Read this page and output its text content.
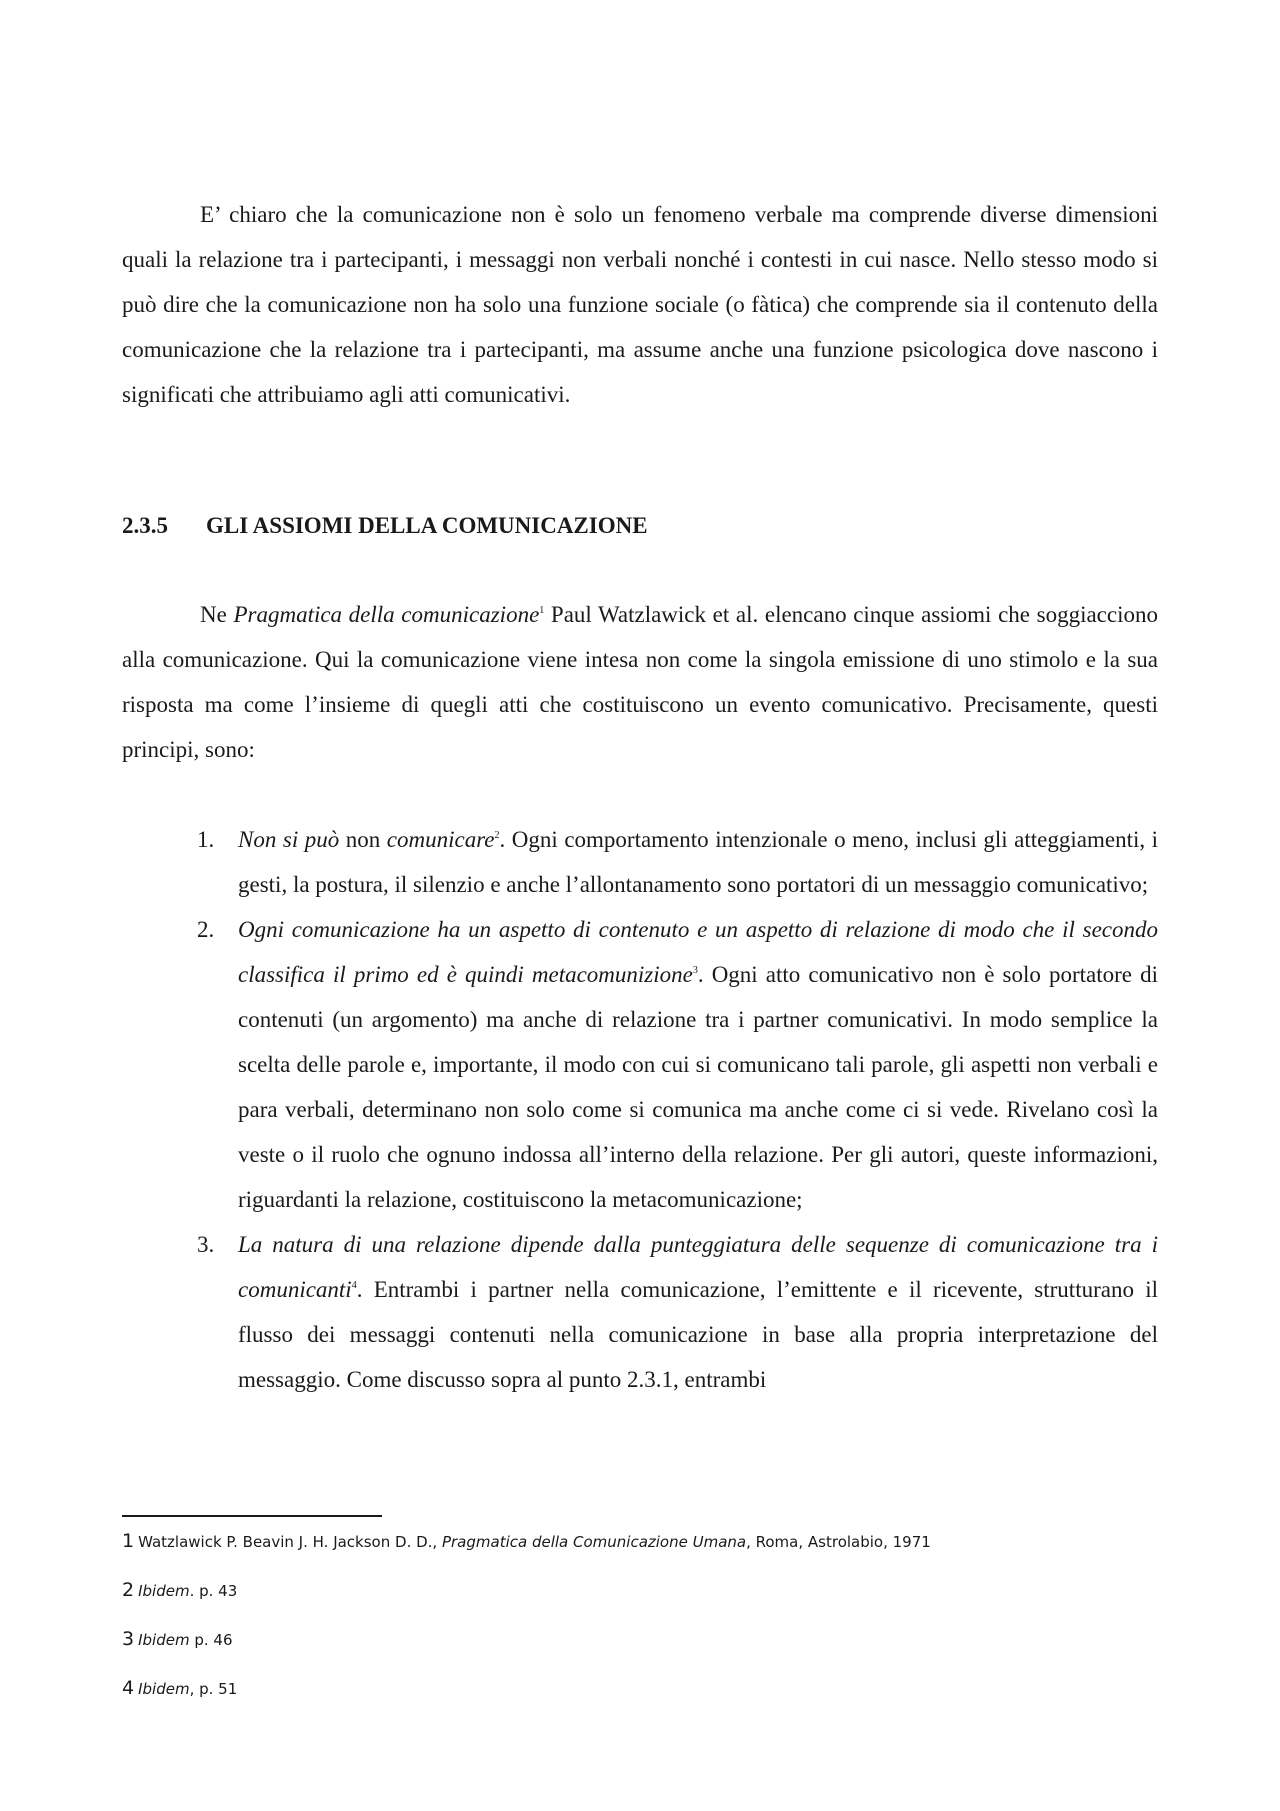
E’ chiaro che la comunicazione non è solo un fenomeno verbale ma comprende diverse dimensioni quali la relazione tra i partecipanti, i messaggi non verbali nonché i contesti in cui nasce. Nello stesso modo si può dire che la comunicazione non ha solo una funzione sociale (o fàtica) che comprende sia il contenuto della comunicazione che la relazione tra i partecipanti, ma assume anche una funzione psicologica dove nascono i significati che attribuiamo agli atti comunicativi.

2.3.5 GLI ASSIOMI DELLA COMUNICAZIONE

Ne Pragmatica della comunicazione$^1$ Paul Watzlawick et al. elencano cinque assiomi che soggiacciono alla comunicazione. Qui la comunicazione viene intesa non come la singola emissione di uno stimolo e la sua risposta ma come l’insieme di quegli atti che costituiscono un evento comunicativo. Precisamente, questi principi, sono:

1.	Non si può non comunicare$^2$. Ogni comportamento intenzionale o meno, inclusi gli atteggiamenti, i gesti, la postura, il silenzio e anche l’allontanamento sono portatori di un messaggio comunicativo;
2.	Ogni comunicazione ha un aspetto di contenuto e un aspetto di relazione di modo che il secondo classifica il primo ed è quindi metacomunizione$^3$. Ogni atto comunicativo non è solo portatore di contenuti (un argomento) ma anche di relazione tra i partner comunicativi. In modo semplice la scelta delle parole e, importante, il modo con cui si comunicano tali parole, gli aspetti non verbali e para verbali, determinano non solo come si comunica ma anche come ci si vede. Rivelano così la veste o il ruolo che ognuno indossa all’interno della relazione. Per gli autori, queste informazioni, riguardanti la relazione, costituiscono la metacomunicazione;
3.	La natura di una relazione dipende dalla punteggiatura delle sequenze di comunicazione tra i comunicanti$^4$. Entrambi i partner nella comunicazione, l’emittente e il ricevente, strutturano il flusso dei messaggi contenuti nella comunicazione in base alla propria interpretazione del messaggio. Come discusso sopra al punto 2.3.1, entrambi
1 Watzlawick P. Beavin J. H. Jackson D. D., Pragmatica della Comunicazione Umana, Roma, Astrolabio, 1971
2 Ibidem. p. 43
3 Ibidem p. 46
4 Ibidem, p. 51
